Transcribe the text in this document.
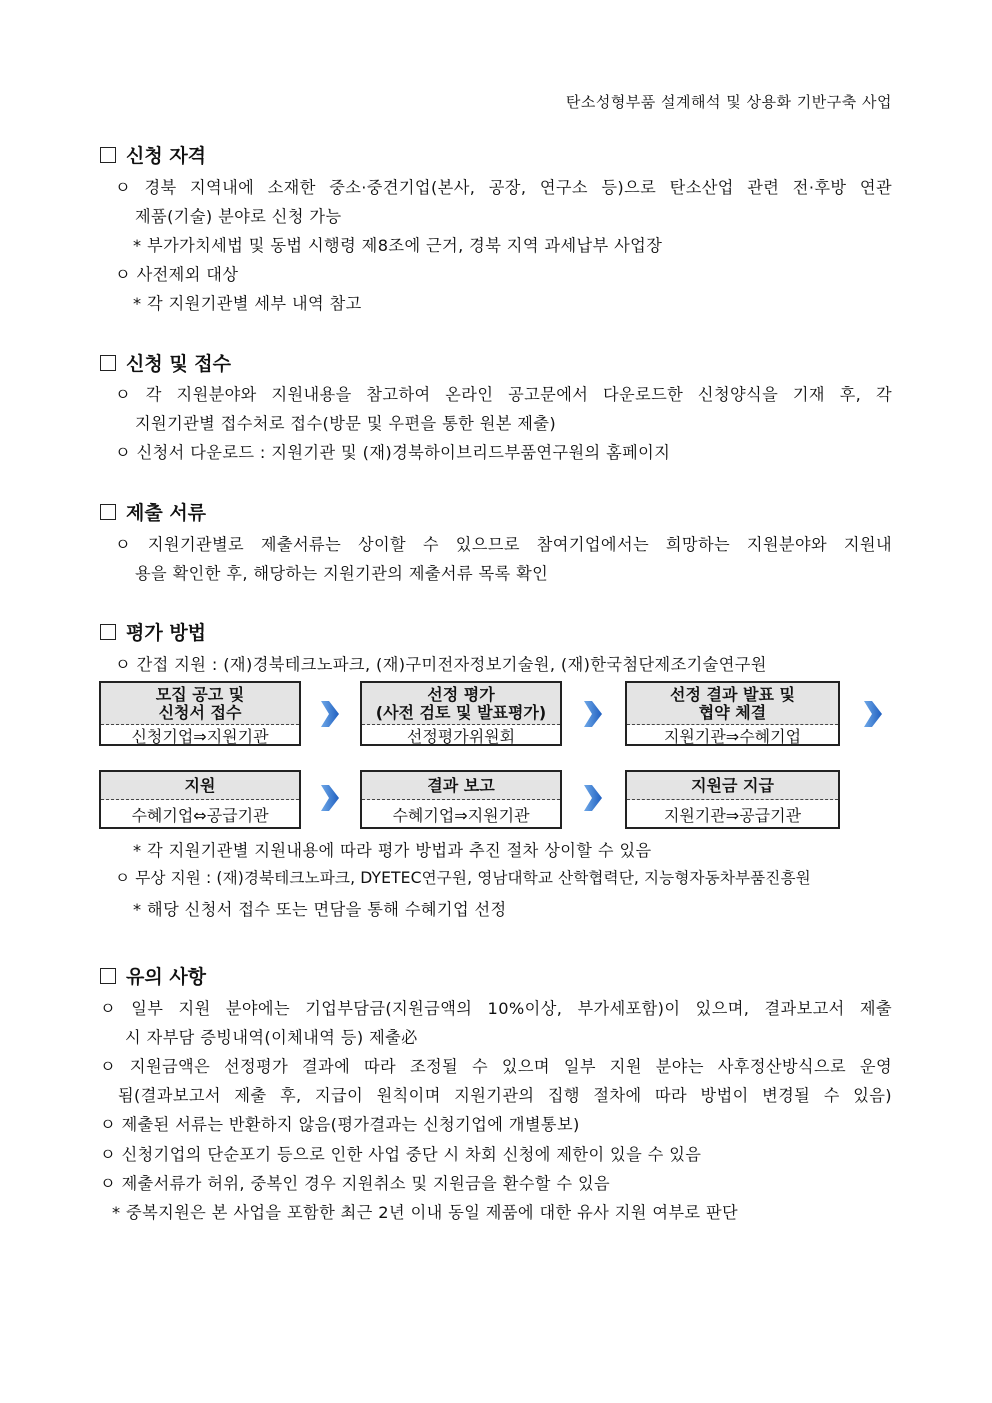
탄소성형부품 설계해석 및 상용화 기반구축 사업
신청 자격
ㅇ 경북 지역내에 소재한 중소·중견기업(본사, 공장, 연구소 등)으로 탄소산업 관련 전·후방 연관
제품(기술) 분야로 신청 가능
* 부가가치세법 및 동법 시행령 제8조에 근거, 경북 지역 과세납부 사업장
ㅇ 사전제외 대상
* 각 지원기관별 세부 내역 참고
신청 및 접수
ㅇ 각 지원분야와 지원내용을 참고하여 온라인 공고문에서 다운로드한 신청양식을 기재 후, 각
지원기관별 접수처로 접수(방문 및 우편을 통한 원본 제출)
ㅇ 신청서 다운로드 : 지원기관 및 (재)경북하이브리드부품연구원의 홈페이지
제출 서류
ㅇ 지원기관별로 제출서류는 상이할 수 있으므로 참여기업에서는 희망하는 지원분야와 지원내
용을 확인한 후, 해당하는 지원기관의 제출서류 목록 확인
평가 방법
ㅇ 간접 지원 : (재)경북테크노파크, (재)구미전자정보기술원, (재)한국첨단제조기술연구원
모집 공고 및
신청서 접수
신청기업⇒지원기관
선정 평가
(사전 검토 및 발표평가)
선정평가위원회
선정 결과 발표 및
협약 체결
지원기관⇒수혜기업
지원
수혜기업⇔공급기관
결과 보고
수혜기업⇒지원기관
지원금 지급
지원기관⇒공급기관
* 각 지원기관별 지원내용에 따라 평가 방법과 추진 절차 상이할 수 있음
ㅇ 무상 지원 : (재)경북테크노파크, DYETEC연구원, 영남대학교 산학협력단, 지능형자동차부품진흥원
* 해당 신청서 접수 또는 면담을 통해 수혜기업 선정
유의 사항
ㅇ 일부 지원 분야에는 기업부담금(지원금액의 10%이상, 부가세포함)이 있으며, 결과보고서 제출
시 자부담 증빙내역(이체내역 등) 제출必
ㅇ 지원금액은 선정평가 결과에 따라 조정될 수 있으며 일부 지원 분야는 사후정산방식으로 운영
됨(결과보고서 제출 후, 지급이 원칙이며 지원기관의 집행 절차에 따라 방법이 변경될 수 있음)
ㅇ 제출된 서류는 반환하지 않음(평가결과는 신청기업에 개별통보)
ㅇ 신청기업의 단순포기 등으로 인한 사업 중단 시 차회 신청에 제한이 있을 수 있음
ㅇ 제출서류가 허위, 중복인 경우 지원취소 및 지원금을 환수할 수 있음
* 중복지원은 본 사업을 포함한 최근 2년 이내 동일 제품에 대한 유사 지원 여부로 판단
